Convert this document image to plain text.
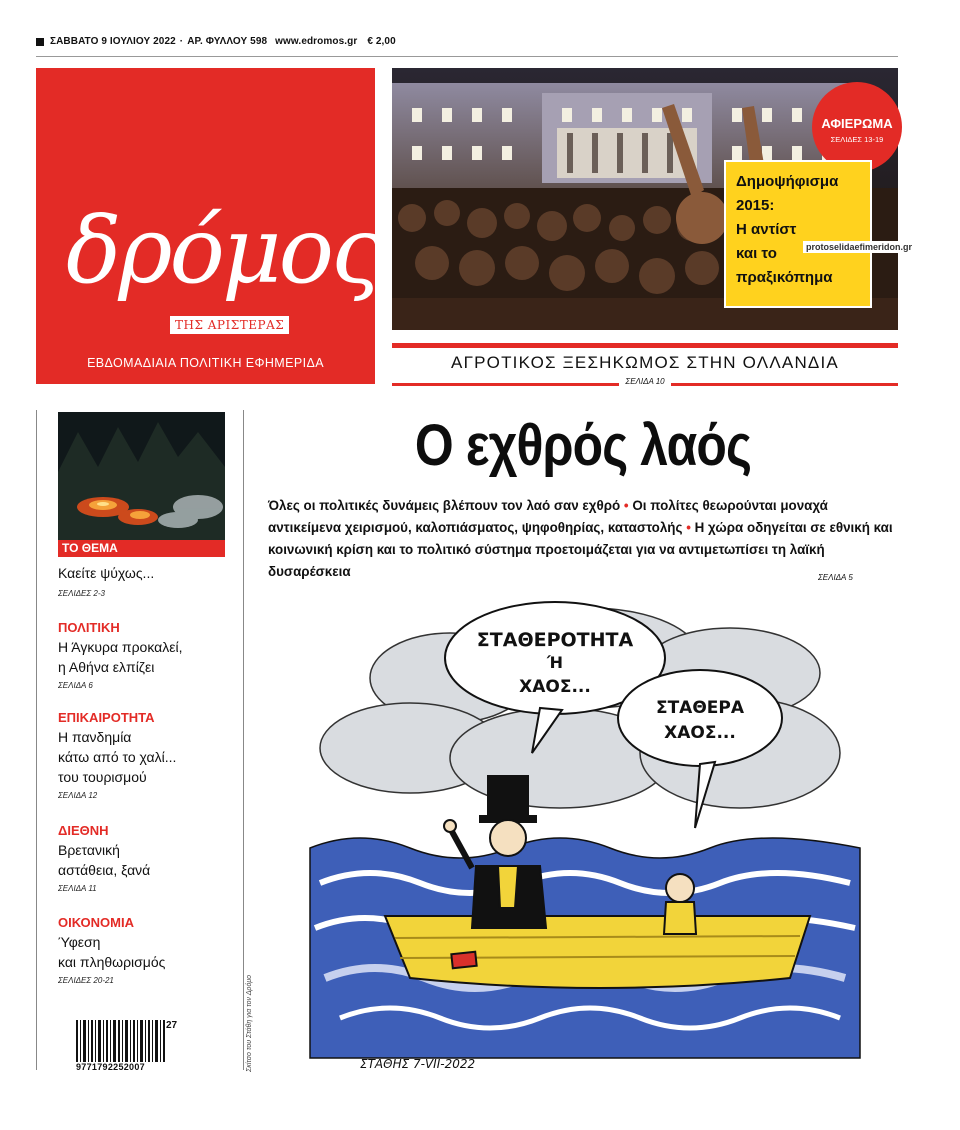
ΣΑΒΒΑΤΟ 9 ΙΟΥΛΙΟΥ 2022 · ΑΡ. ΦΥΛΛΟΥ 598 www.edromos.gr € 2,00
δρόμος
ΤΗΣ ΑΡΙΣΤΕΡΑΣ
ΕΒΔΟΜΑΔΙΑΙΑ ΠΟΛΙΤΙΚΗ ΕΦΗΜΕΡΙΔΑ
ΑΦΙΕΡΩΜΑ
ΣΕΛΙΔΕΣ 13-19
Δημοψήφισμα
2015:
Η αντίστ
και το
πραξικόπημα
protoselidaefimeridon.gr
ΑΓΡΟΤΙΚΟΣ ΞΕΣΗΚΩΜΟΣ ΣΤΗΝ ΟΛΛΑΝΔΙΑ
ΣΕΛΙΔΑ 10
ΤΟ ΘΕΜΑ
Καείτε ψύχως...
ΣΕΛΙΔΕΣ 2-3
ΠΟΛΙΤΙΚΗ
Η Άγκυρα προκαλεί,
η Αθήνα ελπίζει
ΣΕΛΙΔΑ 6
ΕΠΙΚΑΙΡΟΤΗΤΑ
Η πανδημία
κάτω από το χαλί...
του τουρισμού
ΣΕΛΙΔΑ 12
ΔΙΕΘΝΗ
Βρετανική
αστάθεια, ξανά
ΣΕΛΙΔΑ 11
ΟΙΚΟΝΟΜΙΑ
Ύφεση
και πληθωρισμός
ΣΕΛΙΔΕΣ 20-21
9771792252007
27
Ο εχθρός λαός
Όλες οι πολιτικές δυνάμεις βλέπουν τον λαό σαν εχθρό • Οι πολίτες θεωρούνται μοναχά αντικείμενα χειρισμού, καλοπιάσματος, ψηφοθηρίας, καταστολής • Η χώρα οδηγείται σε εθνική και κοινωνική κρίση και το πολιτικό σύστημα προετοιμάζεται για να αντιμετωπίσει τη λαϊκή δυσαρέσκεια	ΣΕΛΙΔΑ 5
ΣΤΑΘΕΡΟΤΗΤΑ
Ή
ΧΑΟΣ...
ΣΤΑΘΕΡΑ
ΧΑΟΣ...
ΣΤΑΘΗΣ 7-VII-2022
Σκίτσο του Στάθη για τον Δρόμο
